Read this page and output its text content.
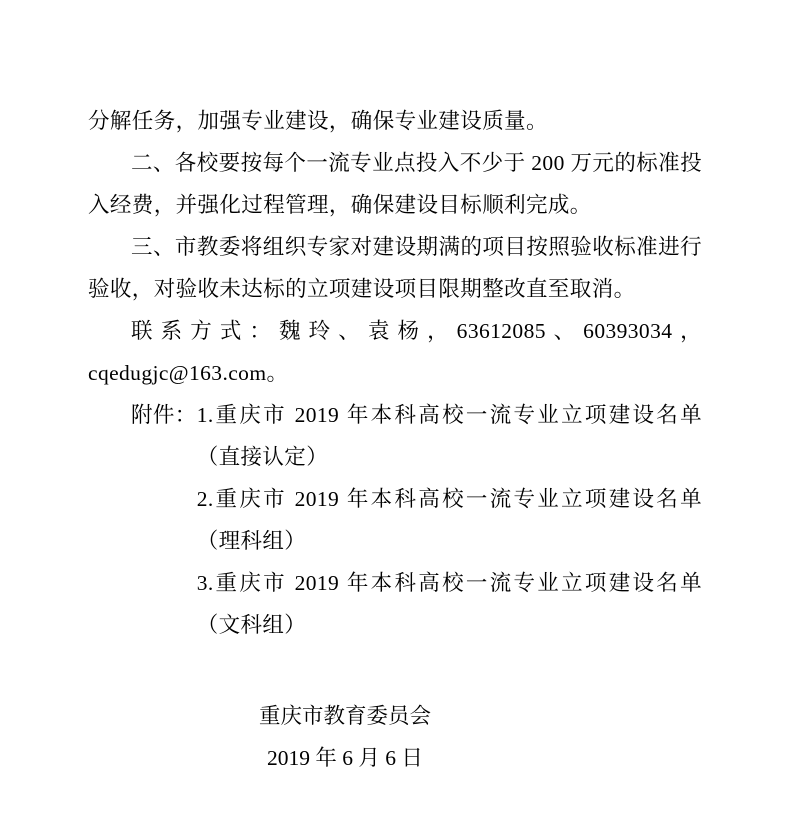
分解任务，加强专业建设，确保专业建设质量。

二、各校要按每个一流专业点投入不少于 200 万元的标准投入经费，并强化过程管理，确保建设目标顺利完成。

三、市教委将组织专家对建设期满的项目按照验收标准进行验收，对验收未达标的立项建设项目限期整改直至取消。

联系方式：魏玲、袁杨，63612085、60393034，cqedugjc@163.com。

附件： 1.重庆市 2019 年本科高校一流专业立项建设名单（直接认定）
2.重庆市 2019 年本科高校一流专业立项建设名单（理科组）
3.重庆市 2019 年本科高校一流专业立项建设名单（文科组）
重庆市教育委员会
2019 年 6 月 6 日
